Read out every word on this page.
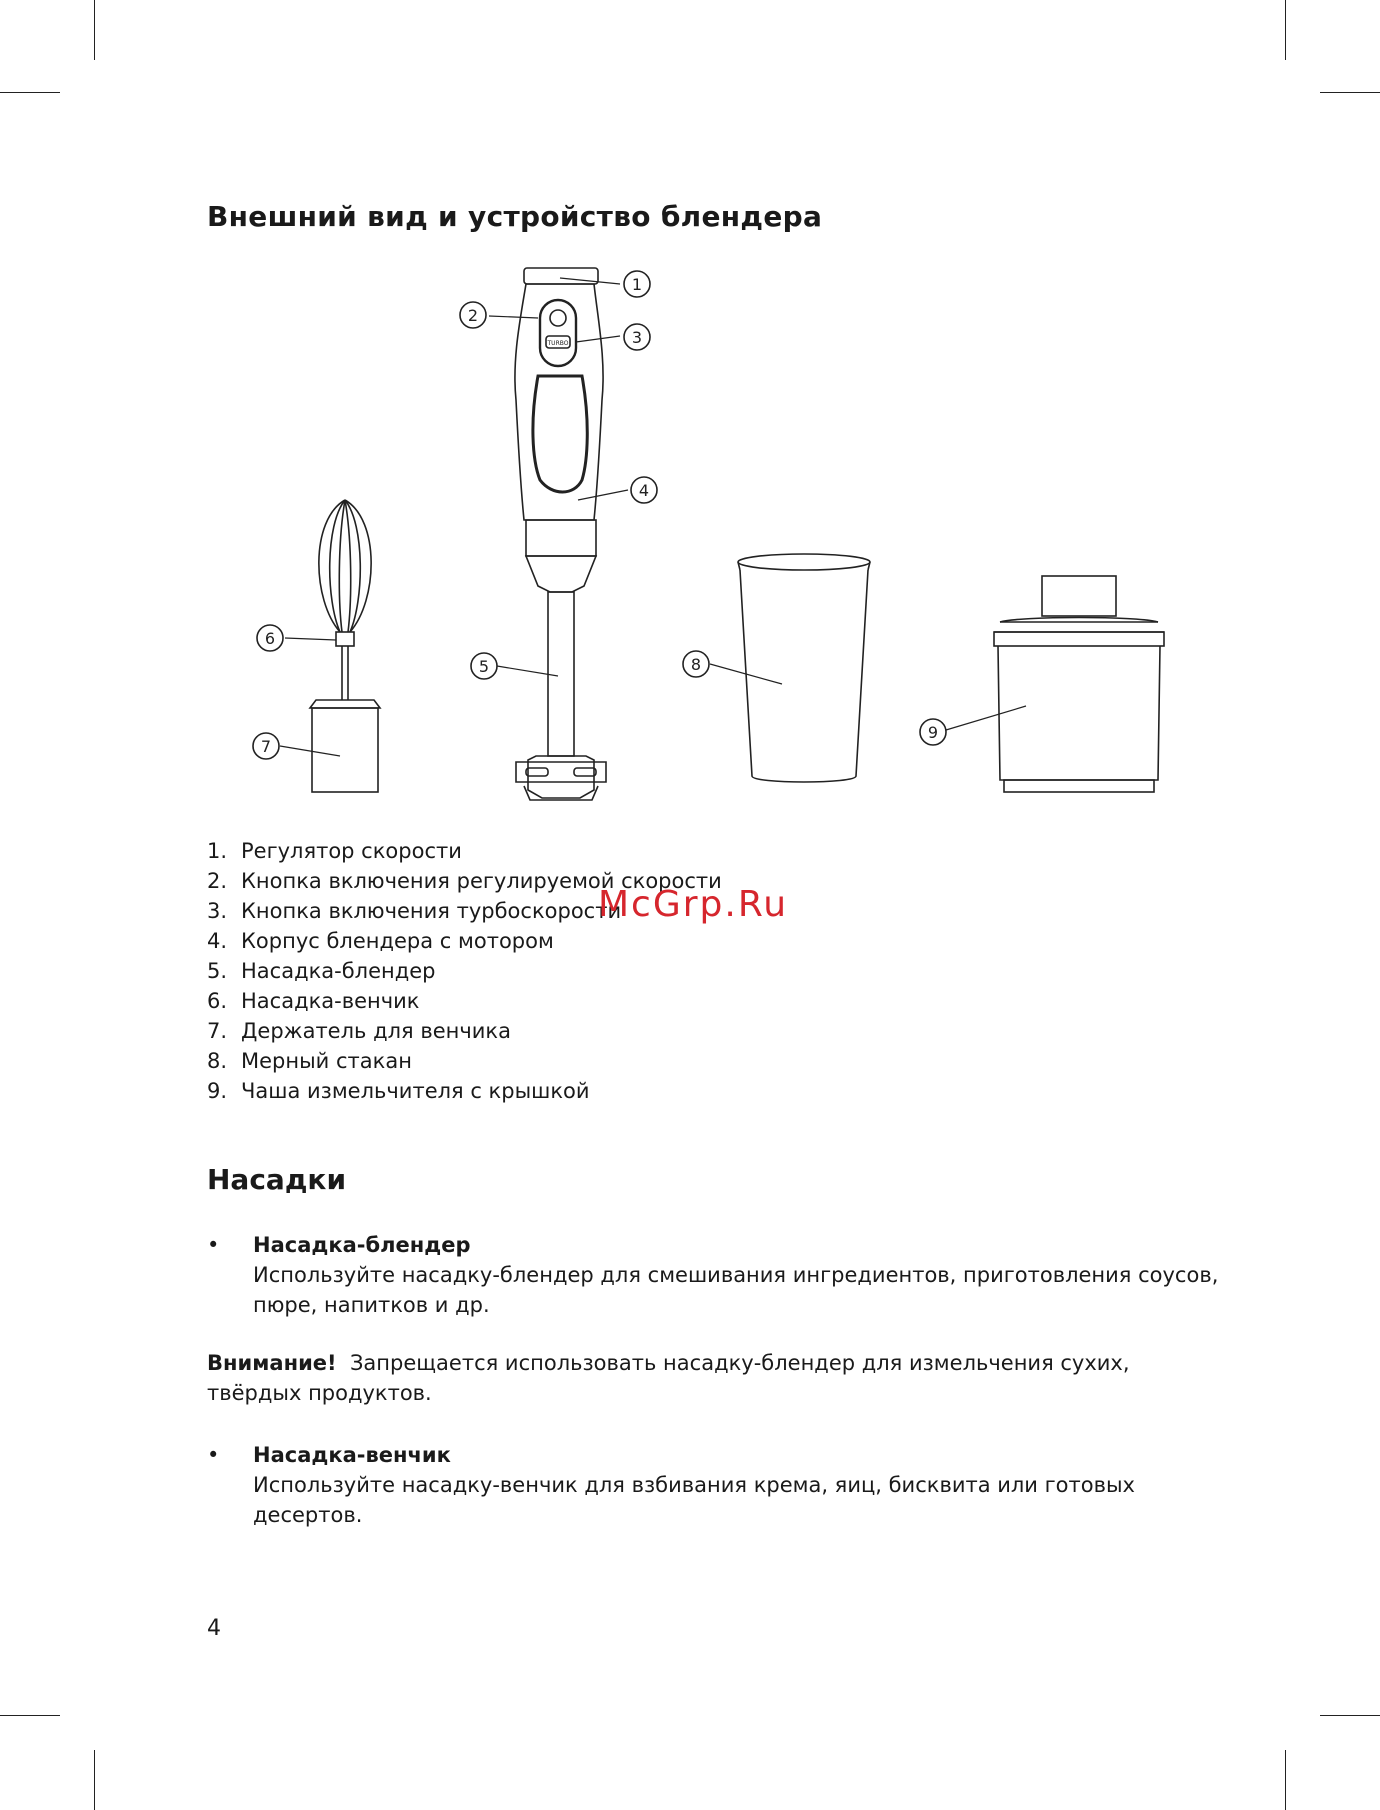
Внешний вид и устройство блендера
1
2
3
4
5
6
7
8
9
TURBO
1. Регулятор скорости
2. Кнопка включения регулируемой скорости
3. Кнопка включения турбоскорости
4. Корпус блендера с мотором
5. Насадка-блендер
6. Насадка-венчик
7. Держатель для венчика
8. Мерный стакан
9. Чаша измельчителя с крышкой
McGrp.Ru
Насадки
•	Насадка-блендер
Используйте насадку-блендер для смешивания ингредиентов, приготовления соусов, пюре, напитков и др.
Внимание! Запрещается использовать насадку-блендер для измельчения сухих, твёрдых продуктов.
•	Насадка-венчик
Используйте насадку-венчик для взбивания крема, яиц, бисквита или готовых десертов.
4
